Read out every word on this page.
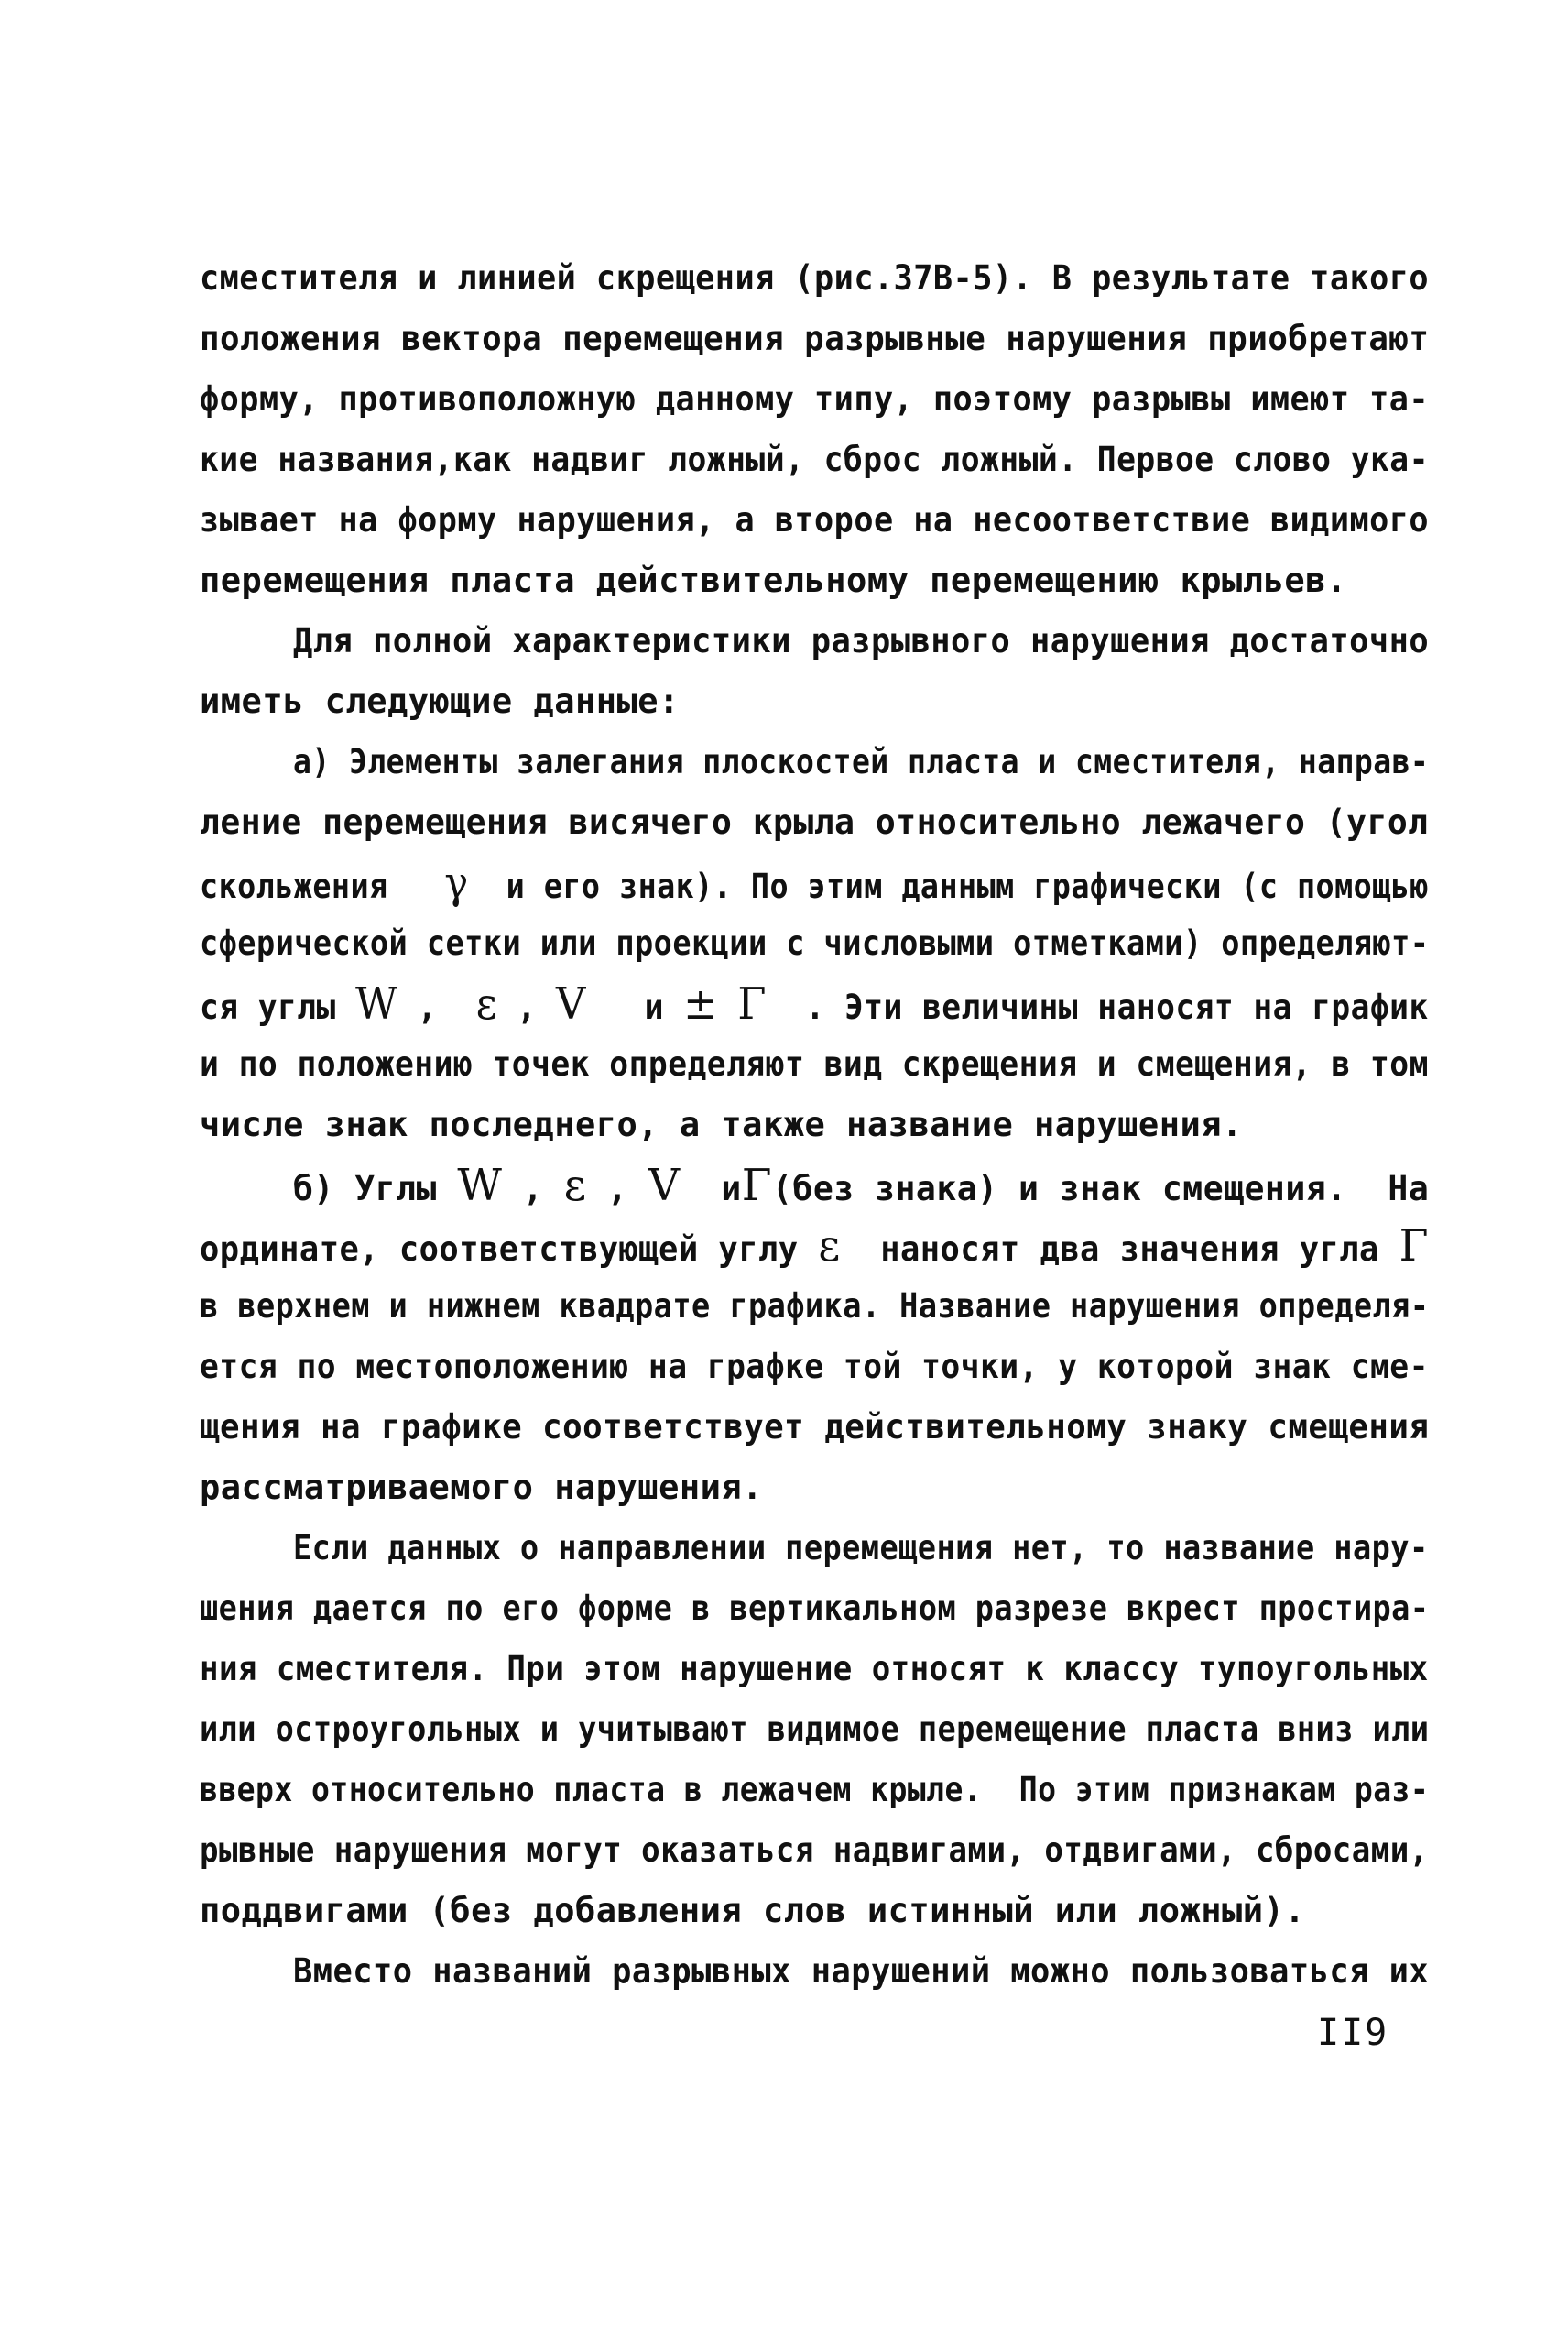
сместителя и линией скрещения (рис.37В-5). В результате такого
положения вектора перемещения разрывные нарушения приобретают
форму, противоположную данному типу, поэтому разрывы имеют та-
кие названия,как надвиг ложный, сброс ложный. Первое слово ука-
зывает на форму нарушения, а второе на несоответствие видимого
перемещения пласта действительному перемещению крыльев.
Для полной характеристики разрывного нарушения достаточно
иметь следующие данные:
а) Элементы залегания плоскостей пласта и сместителя, направ-
ление перемещения висячего крыла относительно лежачего (угол
скольжения γ и его знак). По этим данным графически (с помощью
сферической сетки или проекции с числовыми отметками) определяют-
ся углы W , ε , V и ± Γ . Эти величины наносят на график
и по положению точек определяют вид скрещения и смещения, в том
числе знак последнего, а также название нарушения.
б) Углы W , ε , V иΓ(без знака) и знак смещения.  На
ординате, соответствующей углу ε наносят два значения угла Γ
в верхнем и нижнем квадрате графика. Название нарушения определя-
ется по местоположению на графке той точки, у которой знак сме-
щения на графике соответствует действительному знаку смещения
рассматриваемого нарушения.
Если данных о направлении перемещения нет, то название нару-
шения дается по его форме в вертикальном разрезе вкрест простира-
ния сместителя. При этом нарушение относят к классу тупоугольных
или остроугольных и учитывают видимое перемещение пласта вниз или
вверх относительно пласта в лежачем крыле.  По этим признакам раз-
рывные нарушения могут оказаться надвигами, отдвигами, сбросами,
поддвигами (без добавления слов истинный или ложный).
Вместо названий разрывных нарушений можно пользоваться их
II9
